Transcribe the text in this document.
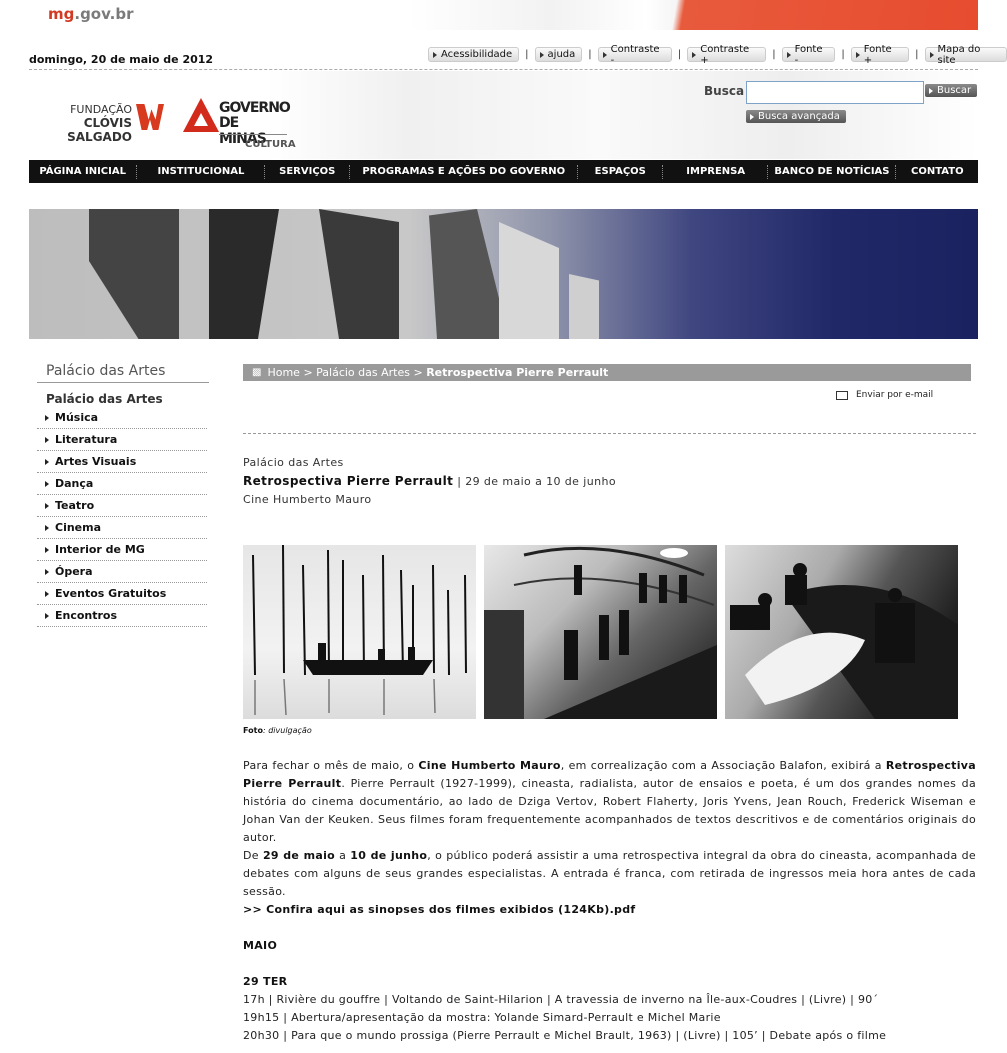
mg.gov.br
domingo, 20 de maio de 2012	Acessibilidade	|	ajuda	|	Contraste -	|	Contraste +	|	Fonte -	|	Fonte +	|	Mapa do site
FUNDAÇÃO
CLÓVIS SALGADO
GOVERNO
DE MINAS
CULTURA
Busca	Buscar
Busca avançada
PÁGINA INICIAL	INSTITUCIONAL	SERVIÇOS	PROGRAMAS E AÇÕES DO GOVERNO	ESPAÇOS	IMPRENSA	BANCO DE NOTÍCIAS	CONTATO
Palácio das Artes
Palácio das Artes
Música
Literatura
Artes Visuais
Dança
Teatro
Cinema
Interior de MG
Ópera
Eventos Gratuitos
Encontros
▩ Home
>
Palácio das Artes
>
Retrospectiva Pierre Perrault
Enviar por e-mail
Palácio das Artes
Retrospectiva Pierre Perrault | 29 de maio a 10 de junho
Cine Humberto Mauro
Foto: divulgação
Para fechar o mês de maio, o Cine Humberto Mauro, em correalização com a Associação Balafon, exibirá a Retrospectiva Pierre Perrault. Pierre Perrault (1927-1999), cineasta, radialista, autor de ensaios e poeta, é um dos grandes nomes da história do cinema documentário, ao lado de Dziga Vertov, Robert Flaherty, Joris Yvens, Jean Rouch, Frederick Wiseman e Johan Van der Keuken. Seus filmes foram frequentemente acompanhados de textos descritivos e de comentários originais do autor.
De 29 de maio a 10 de junho, o público poderá assistir a uma retrospectiva integral da obra do cineasta, acompanhada de debates com alguns de seus grandes especialistas. A entrada é franca, com retirada de ingressos meia hora antes de cada sessão.
>> Confira aqui as sinopses dos filmes exibidos (124Kb).pdf
MAIO
29 TER
17h | Rivière du gouffre | Voltando de Saint-Hilarion | A travessia de inverno na Île-aux-Coudres | (Livre) | 90´
19h15 | Abertura/apresentação da mostra: Yolande Simard-Perrault e Michel Marie
20h30 | Para que o mundo prossiga (Pierre Perrault e Michel Brault, 1963) | (Livre) | 105’ | Debate após o filme
